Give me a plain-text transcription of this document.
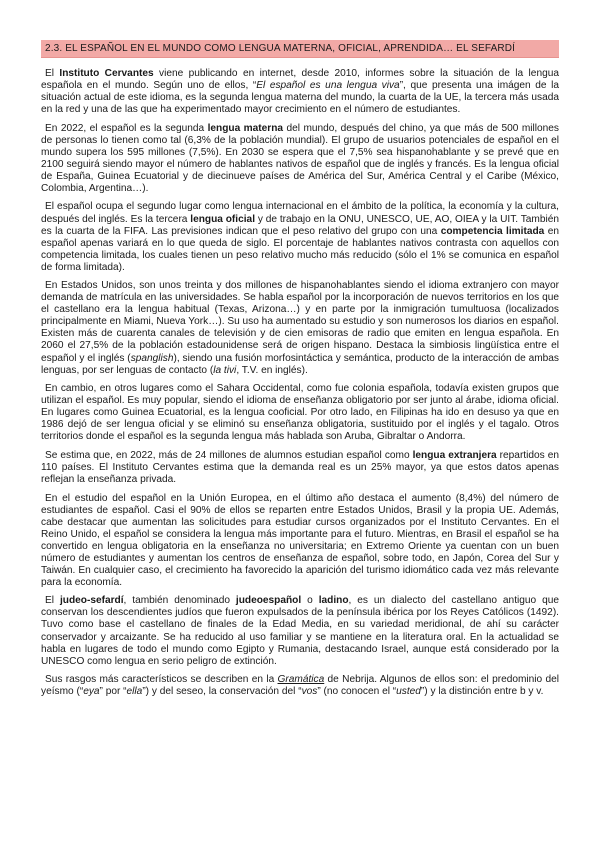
2.3. EL ESPAÑOL EN EL MUNDO COMO LENGUA MATERNA, OFICIAL, APRENDIDA… EL SEFARDÍ

El Instituto Cervantes viene publicando en internet, desde 2010, informes sobre la situación de la lengua española en el mundo. Según uno de ellos, “El español es una lengua viva”, que presenta una imágen de la situación actual de este idioma, es la segunda lengua materna del mundo, la cuarta de la UE, la tercera más usada en la red y una de las que ha experimentado mayor crecimiento en el número de estudiantes.

En 2022, el español es la segunda lengua materna del mundo, después del chino, ya que más de 500 millones de personas lo tienen como tal (6,3% de la población mundial). El grupo de usuarios potenciales de español en el mundo supera los 595 millones (7,5%). En 2030 se espera que el 7,5% sea hispanohablante y se prevé que en 2100 seguirá siendo mayor el número de hablantes nativos de español que de inglés y francés. Es la lengua oficial de España, Guinea Ecuatorial y de diecinueve países de América del Sur, América Central y el Caribe (México, Colombia, Argentina…).

El español ocupa el segundo lugar como lengua internacional en el ámbito de la política, la economía y la cultura, después del inglés. Es la tercera lengua oficial y de trabajo en la ONU, UNESCO, UE, AO, OIEA y la UIT. También es la cuarta de la FIFA. Las previsiones indican que el peso relativo del grupo con una competencia limitada en español apenas variará en lo que queda de siglo. El porcentaje de hablantes nativos contrasta con aquellos con competencia limitada, los cuales tienen un peso relativo mucho más reducido (sólo el 1% se comunica en español de forma limitada).

En Estados Unidos, son unos treinta y dos millones de hispanohablantes siendo el idioma extranjero con mayor demanda de matrícula en las universidades. Se habla español por la incorporación de nuevos territorios en los que el castellano era la lengua habitual (Texas, Arizona…) y en parte por la inmigración tumultuosa (localizados principalmente en Miami, Nueva York…). Su uso ha aumentado su estudio y son numerosos los diarios en español. Existen más de cuarenta canales de televisión y de cien emisoras de radio que emiten en lengua española. En 2060 el 27,5% de la población estadounidense será de origen hispano. Destaca la simbiosis lingüística entre el español y el inglés (spanglish), siendo una fusión morfosintáctica y semántica, producto de la interacción de ambas lenguas, por ser lenguas de contacto (la tivi, T.V. en inglés).

En cambio, en otros lugares como el Sahara Occidental, como fue colonia española, todavía existen grupos que utilizan el español. Es muy popular, siendo el idioma de enseñanza obligatorio por ser junto al árabe, idioma oficial. En lugares como Guinea Ecuatorial, es la lengua cooficial. Por otro lado, en Filipinas ha ido en desuso ya que en 1986 dejó de ser lengua oficial y se eliminó su enseñanza obligatoria, sustituido por el inglés y el tagalo. Otros territorios donde el español es la segunda lengua más hablada son Aruba, Gibraltar o Andorra.

Se estima que, en 2022, más de 24 millones de alumnos estudian español como lengua extranjera repartidos en 110 países. El Instituto Cervantes estima que la demanda real es un 25% mayor, ya que estos datos apenas reflejan la enseñanza privada.

En el estudio del español en la Unión Europea, en el último año destaca el aumento (8,4%) del número de estudiantes de español. Casi el 90% de ellos se reparten entre Estados Unidos, Brasil y la propia UE. Además, cabe destacar que aumentan las solicitudes para estudiar cursos organizados por el Instituto Cervantes. En el Reino Unido, el español se considera la lengua más importante para el futuro. Mientras, en Brasil el español se ha convertido en lengua obligatoria en la enseñanza no universitaria; en Extremo Oriente ya cuentan con un buen número de estudiantes y aumentan los centros de enseñanza de español, sobre todo, en Japón, Corea del Sur y Taiwán. En cualquier caso, el crecimiento ha favorecido la aparición del turismo idiomático cada vez más relevante para la economía.

El judeo-sefardí, también denominado judeoespañol o ladino, es un dialecto del castellano antiguo que conservan los descendientes judíos que fueron expulsados de la península ibérica por los Reyes Católicos (1492). Tuvo como base el castellano de finales de la Edad Media, en su variedad meridional, de ahí su carácter conservador y arcaizante. Se ha reducido al uso familiar y se mantiene en la literatura oral. En la actualidad se habla en lugares de todo el mundo como Egipto y Rumania, destacando Israel, aunque está considerado por la UNESCO como lengua en serio peligro de extinción.

Sus rasgos más característicos se describen en la Gramática de Nebrija. Algunos de ellos son: el predominio del yeísmo (“eya” por “ella”) y del seseo, la conservación del “vos” (no conocen el “usted”) y la distinción entre b y v.
